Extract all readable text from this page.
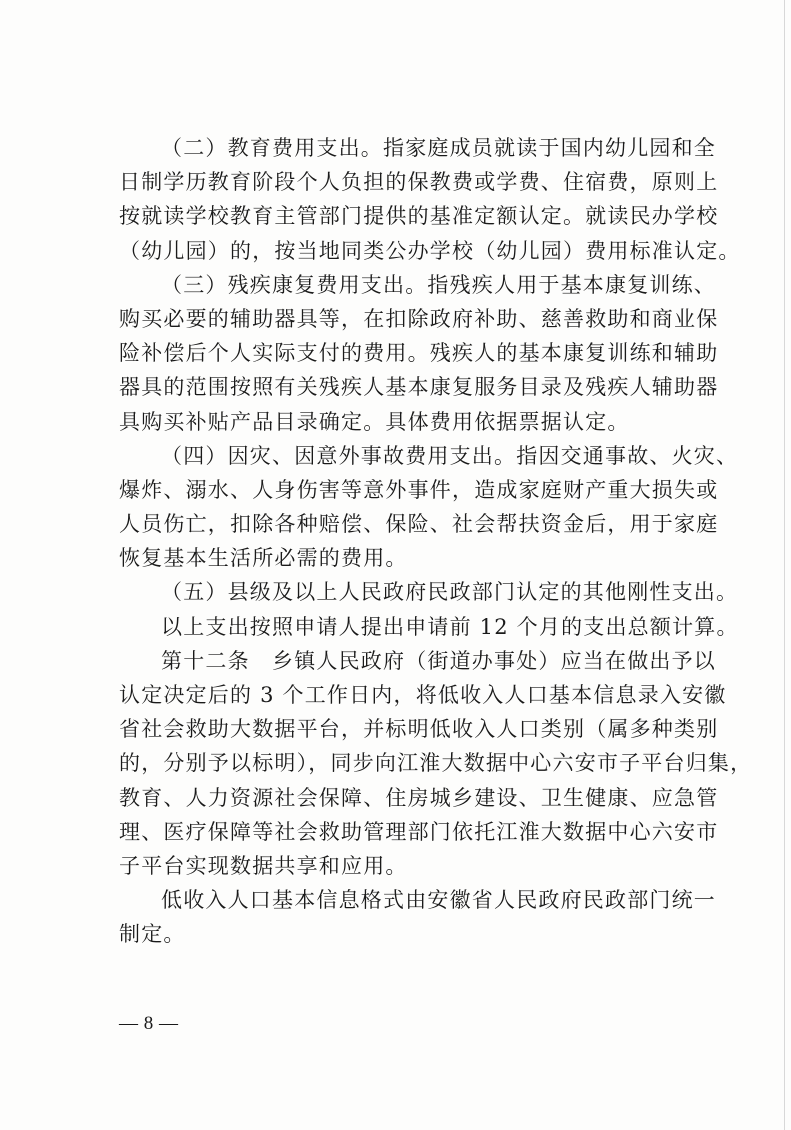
（二）教育费用支出。指家庭成员就读于国内幼儿园和全
日制学历教育阶段个人负担的保教费或学费、住宿费，原则上
按就读学校教育主管部门提供的基准定额认定。就读民办学校
（幼儿园）的，按当地同类公办学校（幼儿园）费用标准认定。
（三）残疾康复费用支出。指残疾人用于基本康复训练、
购买必要的辅助器具等，在扣除政府补助、慈善救助和商业保
险补偿后个人实际支付的费用。残疾人的基本康复训练和辅助
器具的范围按照有关残疾人基本康复服务目录及残疾人辅助器
具购买补贴产品目录确定。具体费用依据票据认定。
（四）因灾、因意外事故费用支出。指因交通事故、火灾、
爆炸、溺水、人身伤害等意外事件，造成家庭财产重大损失或
人员伤亡，扣除各种赔偿、保险、社会帮扶资金后，用于家庭
恢复基本生活所必需的费用。
（五）县级及以上人民政府民政部门认定的其他刚性支出。
以上支出按照申请人提出申请前 12 个月的支出总额计算。
第十二条　乡镇人民政府（街道办事处）应当在做出予以
认定决定后的 3 个工作日内，将低收入人口基本信息录入安徽
省社会救助大数据平台，并标明低收入人口类别（属多种类别
的，分别予以标明），同步向江淮大数据中心六安市子平台归集，
教育、人力资源社会保障、住房城乡建设、卫生健康、应急管
理、医疗保障等社会救助管理部门依托江淮大数据中心六安市
子平台实现数据共享和应用。
低收入人口基本信息格式由安徽省人民政府民政部门统一
制定。
— 8 —
